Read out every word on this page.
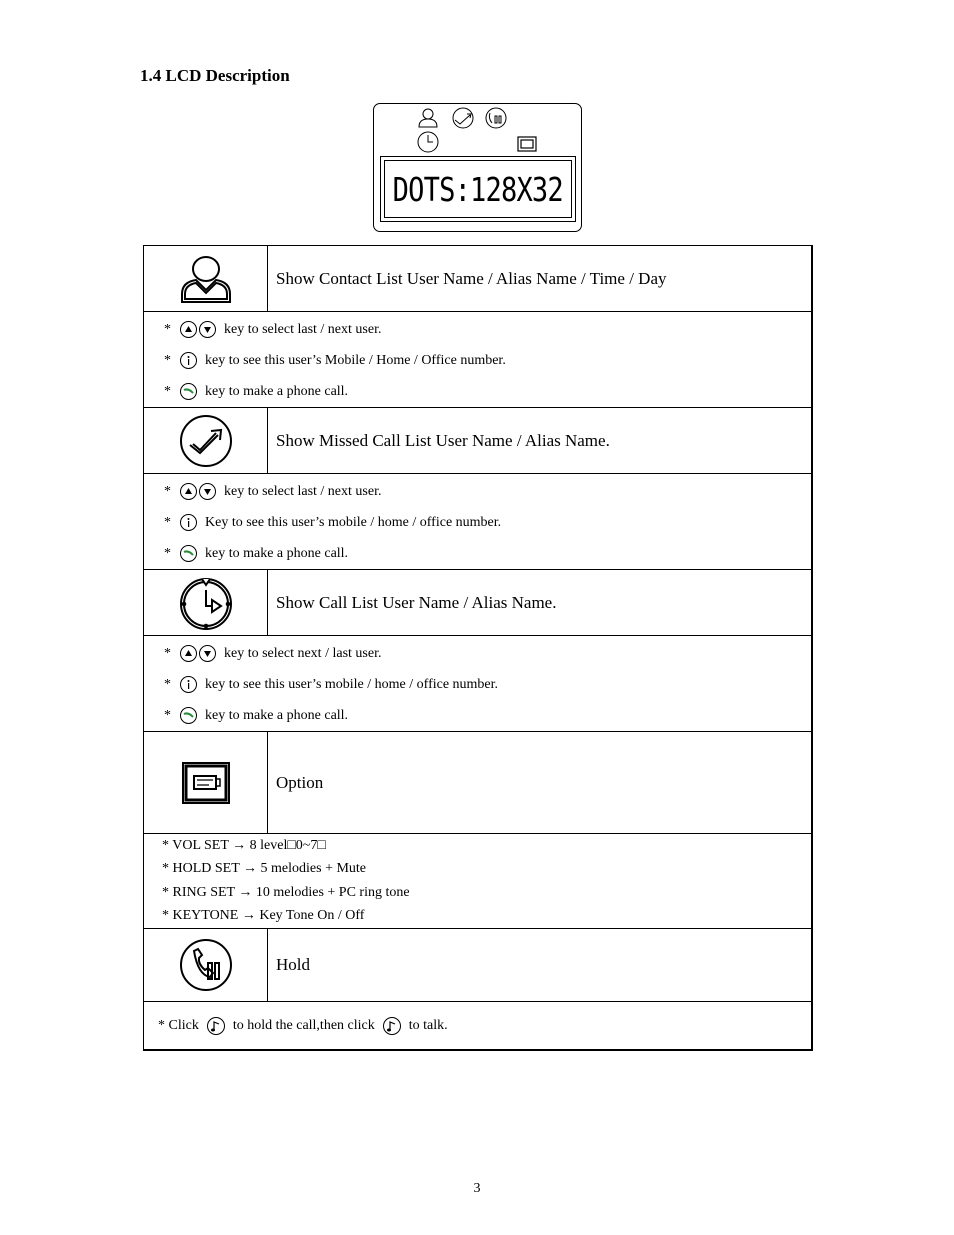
1.4 LCD Description
DOTS:128X32
Show Contact List User Name / Alias Name / Time / Day
*	key to select last / next user.
*	key to see this user’s Mobile / Home / Office number.
*	key to make a phone call.
Show Missed Call List User Name / Alias Name.
*	key to select last / next user.
*	Key to see this user’s mobile / home / office number.
*	key to make a phone call.
Show Call List User Name / Alias Name.
*	key to select next / last user.
*	key to see this user’s mobile / home / office number.
*	key to make a phone call.
Option
* VOL SET → 8 level□0~7□
* HOLD SET → 5 melodies + Mute
* RING SET → 10 melodies + PC ring tone
* KEYTONE → Key Tone On / Off
Hold
* Click to hold the call,then click to talk.
3
